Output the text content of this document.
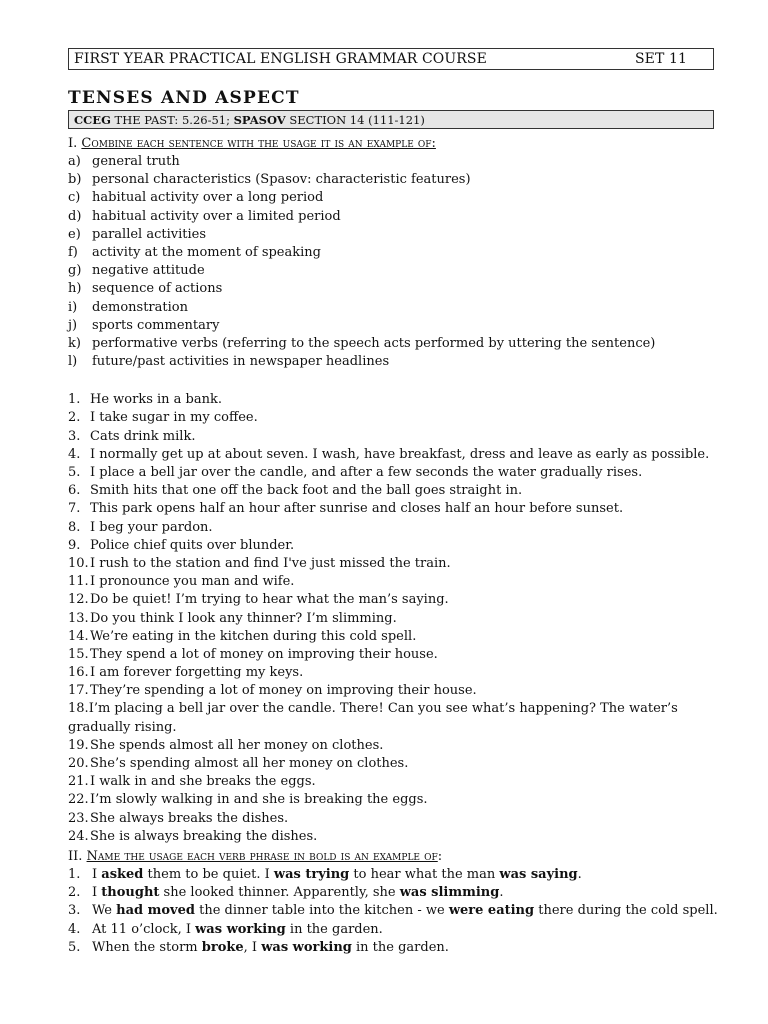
FIRST YEAR PRACTICAL ENGLISH GRAMMAR COURSE	SET 11
TENSES AND ASPECT
CCEG THE PAST: 5.26-51; SPASOV SECTION 14 (111-121)
I. Combine each sentence with the usage it is an example of:
a) general truth
b) personal characteristics (Spasov: characteristic features)
c) habitual activity over a long period
d) habitual activity over a limited period
e) parallel activities
f)	activity at the moment of speaking
g) negative attitude
h) sequence of actions
i)	demonstration
j)	sports commentary
k) performative verbs (referring to the speech acts performed by uttering the sentence)
l)	future/past activities in newspaper headlines
1. He works in a bank.
2. I take sugar in my coffee.
3. Cats drink milk.
4. I normally get up at about seven. I wash, have breakfast, dress and leave as early as possible.
5. I place a bell jar over the candle, and after a few seconds the water gradually rises.
6. Smith hits that one off the back foot and the ball goes straight in.
7. This park opens half an hour after sunrise and closes half an hour before sunset.
8. I beg your pardon.
9. Police chief quits over blunder.
10. I rush to the station and find I've just missed the train.
11. I pronounce you man and wife.
12. Do be quiet! I’m trying to hear what the man’s saying.
13. Do you think I look any thinner? I’m slimming.
14. We’re eating in the kitchen during this cold spell.
15. They spend a lot of money on improving their house.
16. I am forever forgetting my keys.
17. They’re spending a lot of money on improving their house.
18.I’m placing a bell jar over the candle. There! Can you see what’s happening? The water’s gradually rising.
19. She spends almost all her money on clothes.
20. She’s spending almost all her money on clothes.
21. I walk in and she breaks the eggs.
22. I’m slowly walking in and she is breaking the eggs.
23. She always breaks the dishes.
24. She is always breaking the dishes.
II. Name the usage each verb phrase in bold is an example of:
1. I asked them to be quiet. I was trying to hear what the man was saying.
2. I thought she looked thinner. Apparently, she was slimming.
3. We had moved the dinner table into the kitchen - we were eating there during the cold spell.
4. At 11 o’clock, I was working in the garden.
5. When the storm broke, I was working in the garden.
